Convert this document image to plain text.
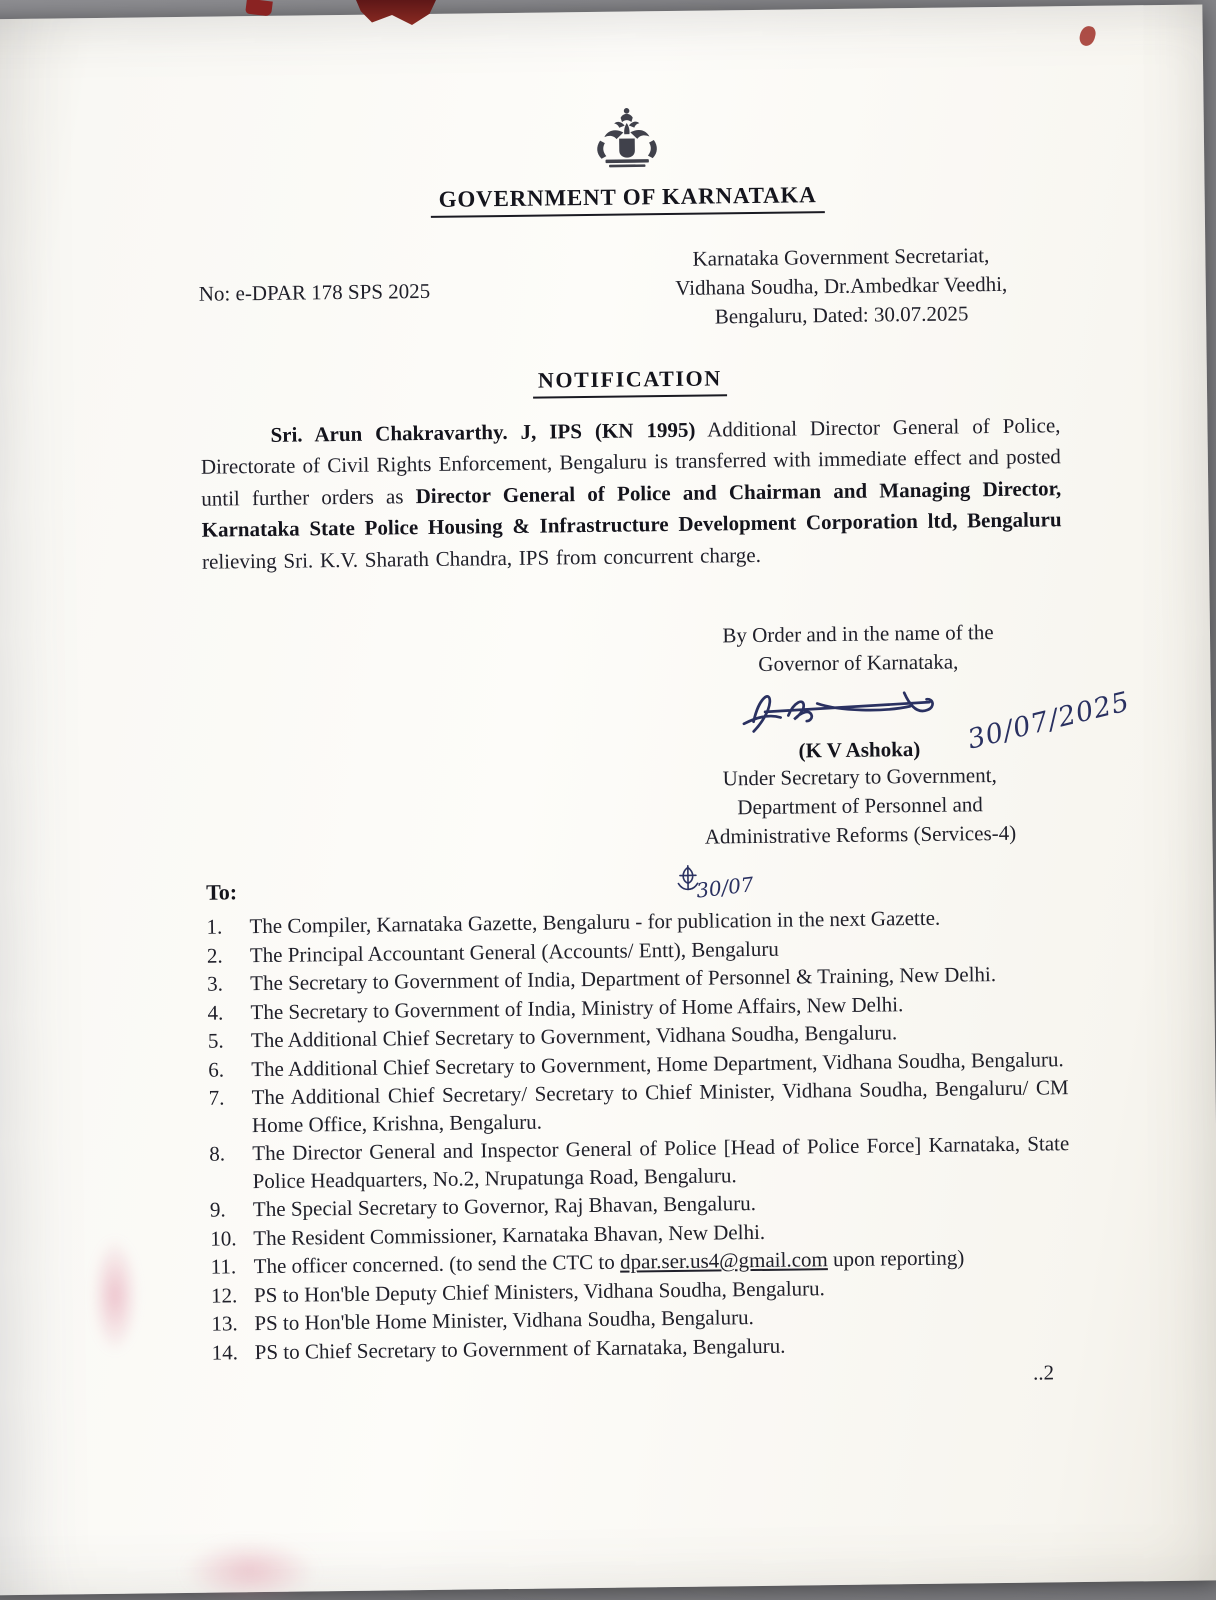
GOVERNMENT OF KARNATAKA
No: e-DPAR 178 SPS 2025
Karnataka Government Secretariat,
Vidhana Soudha, Dr.Ambedkar Veedhi,
Bengaluru, Dated: 30.07.2025
NOTIFICATION

Sri. Arun Chakravarthy. J, IPS (KN 1995) Additional Director General of Police, Directorate of Civil Rights Enforcement, Bengaluru is transferred with immediate effect and posted until further orders as Director General of Police and Chairman and Managing Director, Karnataka State Police Housing & Infrastructure Development Corporation ltd, Bengaluru relieving Sri. K.V. Sharath Chandra, IPS from concurrent charge.

By Order and in the name of the
Governor of Karnataka,
30/07/2025
(K V Ashoka)
Under Secretary to Government,
Department of Personnel and
Administrative Reforms (Services-4)
30/07
To:
1.	The Compiler, Karnataka Gazette, Bengaluru - for publication in the next Gazette.
2.	The Principal Accountant General (Accounts/ Entt), Bengaluru
3.	The Secretary to Government of India, Department of Personnel & Training, New Delhi.
4.	The Secretary to Government of India, Ministry of Home Affairs, New Delhi.
5.	The Additional Chief Secretary to Government, Vidhana Soudha, Bengaluru.
6.	The Additional Chief Secretary to Government, Home Department, Vidhana Soudha, Bengaluru.
7.	The Additional Chief Secretary/ Secretary to Chief Minister, Vidhana Soudha, Bengaluru/ CM Home Office, Krishna, Bengaluru.
8.	The Director General and Inspector General of Police [Head of Police Force] Karnataka, State Police Headquarters, No.2, Nrupatunga Road, Bengaluru.
9.	The Special Secretary to Governor, Raj Bhavan, Bengaluru.
10. The Resident Commissioner, Karnataka Bhavan, New Delhi.
11. The officer concerned. (to send the CTC to dpar.ser.us4@gmail.com upon reporting)
12. PS to Hon'ble Deputy Chief Ministers, Vidhana Soudha, Bengaluru.
13. PS to Hon'ble Home Minister, Vidhana Soudha, Bengaluru.
14. PS to Chief Secretary to Government of Karnataka, Bengaluru.
..2
